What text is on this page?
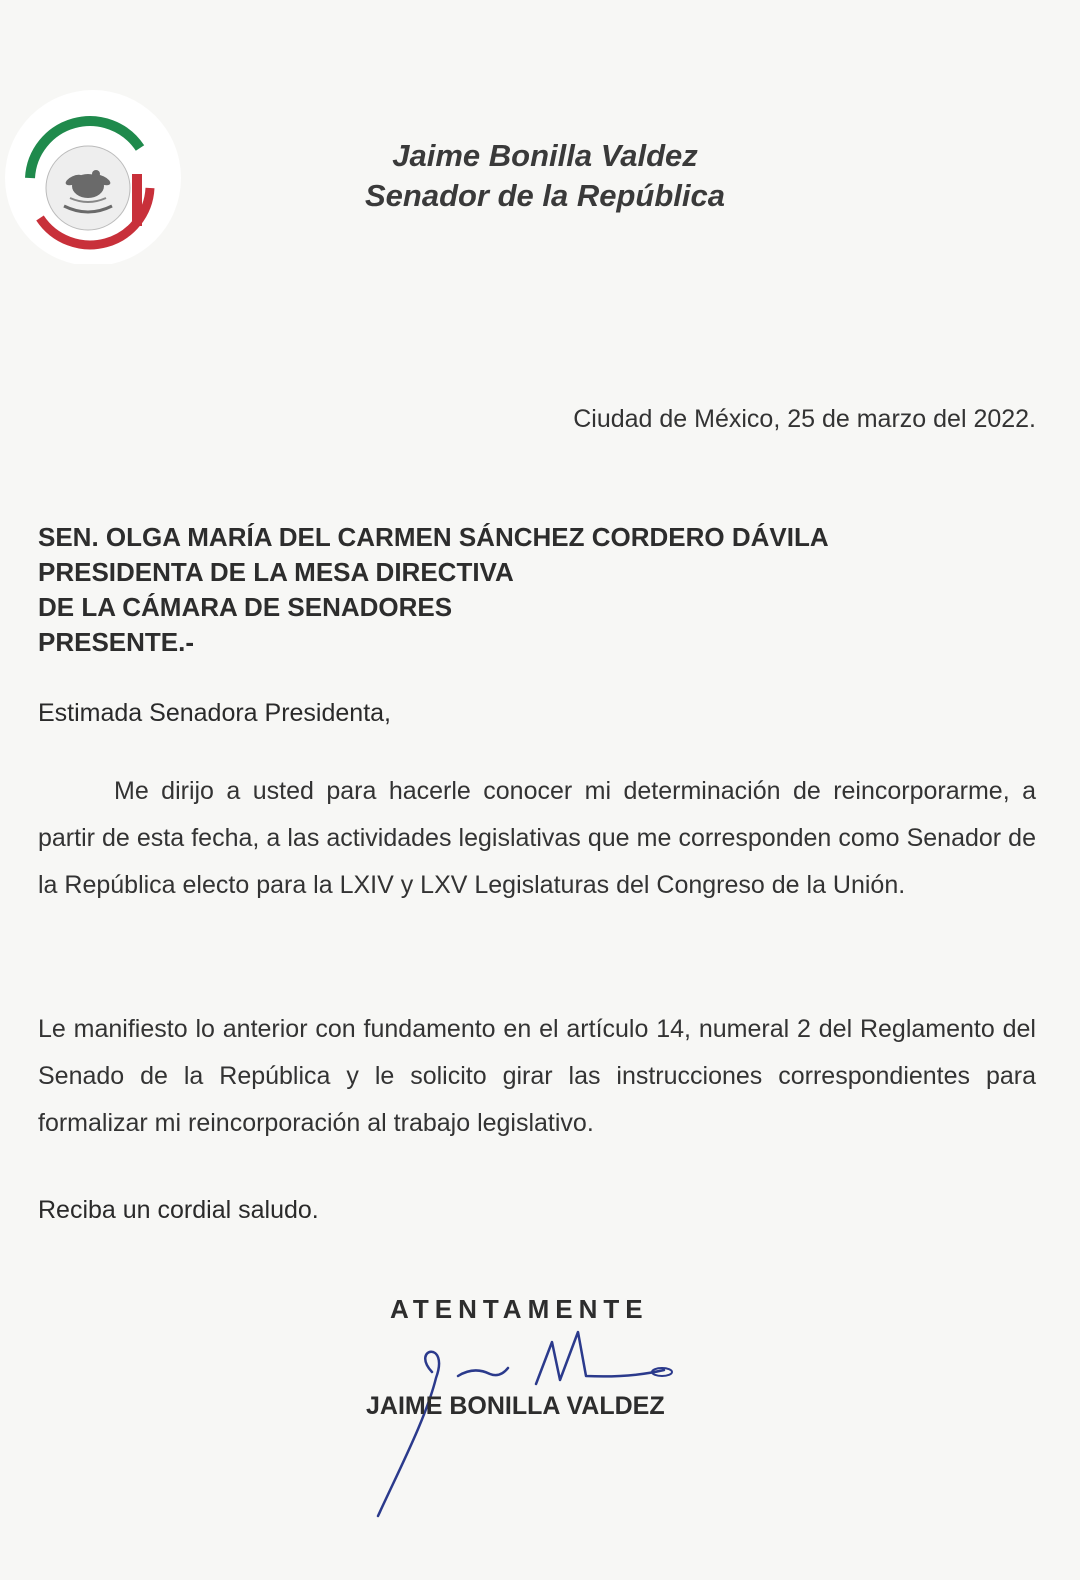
Jaime Bonilla Valdez
Senador de la República
Ciudad de México, 25 de marzo del 2022.
SEN. OLGA MARÍA DEL CARMEN SÁNCHEZ CORDERO DÁVILA
PRESIDENTA DE LA MESA DIRECTIVA
DE LA CÁMARA DE SENADORES
PRESENTE.-
Estimada Senadora Presidenta,
Me dirijo a usted para hacerle conocer mi determinación de reincorporarme, a partir de esta fecha, a las actividades legislativas que me corresponden como Senador de la República electo para la LXIV y LXV Legislaturas del Congreso de la Unión.
Le manifiesto lo anterior con fundamento en el artículo 14, numeral 2 del Reglamento del Senado de la República y le solicito girar las instrucciones correspondientes para formalizar mi reincorporación al trabajo legislativo.
Reciba un cordial saludo.
ATENTAMENTE
JAIME BONILLA VALDEZ
